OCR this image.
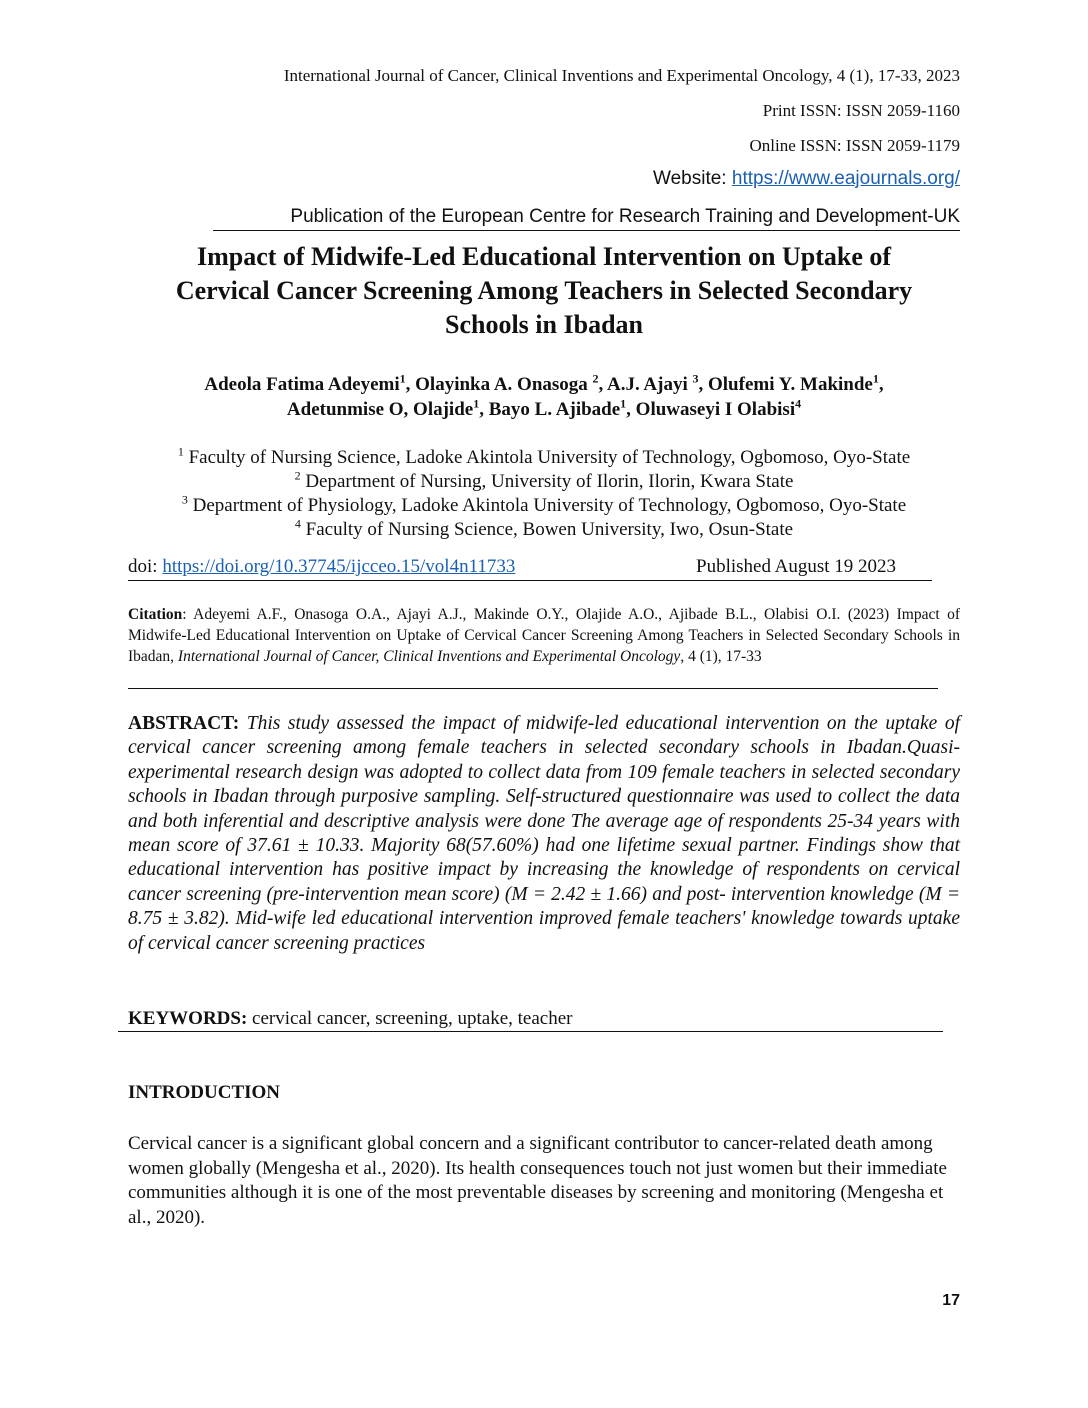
International Journal of Cancer, Clinical Inventions and Experimental Oncology, 4 (1), 17-33, 2023
Print ISSN: ISSN 2059-1160
Online ISSN: ISSN 2059-1179
Website: https://www.eajournals.org/
Publication of the European Centre for Research Training and Development-UK
Impact of Midwife-Led Educational Intervention on Uptake of
Cervical Cancer Screening Among Teachers in Selected Secondary
Schools in Ibadan
Adeola Fatima Adeyemi$^1$, Olayinka A. Onasoga $^2$, A.J. Ajayi $^3$, Olufemi Y. Makinde$^1$,
Adetunmise O, Olajide$^1$, Bayo L. Ajibade$^1$, Oluwaseyi I Olabisi$^4$
$^1$ Faculty of Nursing Science, Ladoke Akintola University of Technology, Ogbomoso, Oyo-State
$^2$ Department of Nursing, University of Ilorin, Ilorin, Kwara State
$^3$ Department of Physiology, Ladoke Akintola University of Technology, Ogbomoso, Oyo-State
$^4$ Faculty of Nursing Science, Bowen University, Iwo, Osun-State
doi: https://doi.org/10.37745/ijcceo.15/vol4n11733	Published August 19 2023
Citation: Adeyemi A.F., Onasoga O.A., Ajayi A.J., Makinde O.Y., Olajide A.O., Ajibade B.L., Olabisi O.I. (2023) Impact of Midwife-Led Educational Intervention on Uptake of Cervical Cancer Screening Among Teachers in Selected Secondary Schools in Ibadan, International Journal of Cancer, Clinical Inventions and Experimental Oncology, 4 (1), 17-33
ABSTRACT: This study assessed the impact of midwife-led educational intervention on the uptake of cervical cancer screening among female teachers in selected secondary schools in Ibadan.Quasi- experimental research design was adopted to collect data from 109 female teachers in selected secondary schools in Ibadan through purposive sampling. Self-structured questionnaire was used to collect the data and both inferential and descriptive analysis were done The average age of respondents 25-34 years with mean score of 37.61 ± 10.33. Majority 68(57.60%) had one lifetime sexual partner. Findings show that educational intervention has positive impact by increasing the knowledge of respondents on cervical cancer screening (pre-intervention mean score) (M = 2.42 ± 1.66) and post- intervention knowledge (M = 8.75 ± 3.82). Mid-wife led educational intervention improved female teachers' knowledge towards uptake of cervical cancer screening practices
KEYWORDS: cervical cancer, screening, uptake, teacher
INTRODUCTION
Cervical cancer is a significant global concern and a significant contributor to cancer-related death among women globally (Mengesha et al., 2020). Its health consequences touch not just women but their immediate communities although it is one of the most preventable diseases by screening and monitoring (Mengesha et al., 2020).
17
